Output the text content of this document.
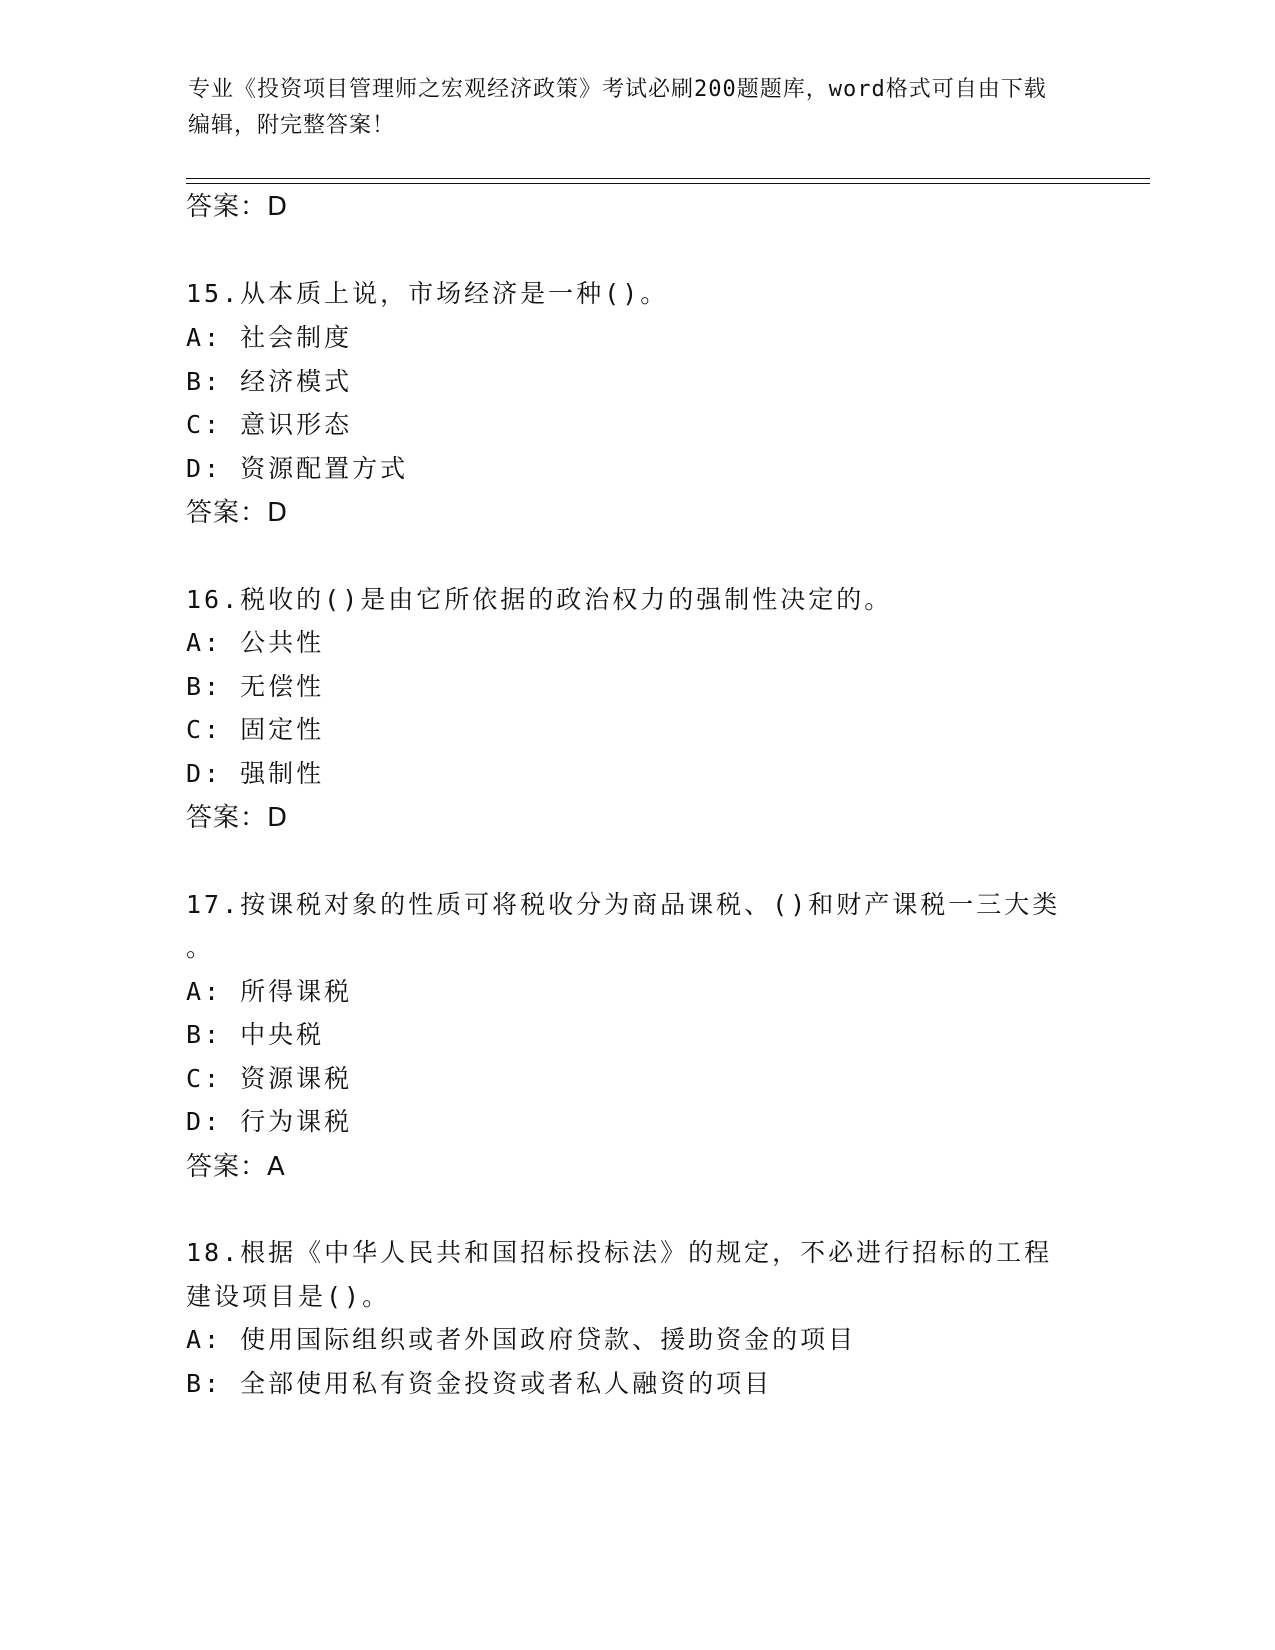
专业《投资项目管理师之宏观经济政策》考试必刷200题题库，word格式可自由下载编辑，附完整答案！
答案：D
15.从本质上说，市场经济是一种()。
A: 社会制度
B: 经济模式
C: 意识形态
D: 资源配置方式
答案：D
16.税收的()是由它所依据的政治权力的强制性决定的。
A: 公共性
B: 无偿性
C: 固定性
D: 强制性
答案：D
17.按课税对象的性质可将税收分为商品课税、()和财产课税一三大类
。
A: 所得课税
B: 中央税
C: 资源课税
D: 行为课税
答案：A
18.根据《中华人民共和国招标投标法》的规定，不必进行招标的工程
建设项目是()。
A: 使用国际组织或者外国政府贷款、援助资金的项目
B: 全部使用私有资金投资或者私人融资的项目
